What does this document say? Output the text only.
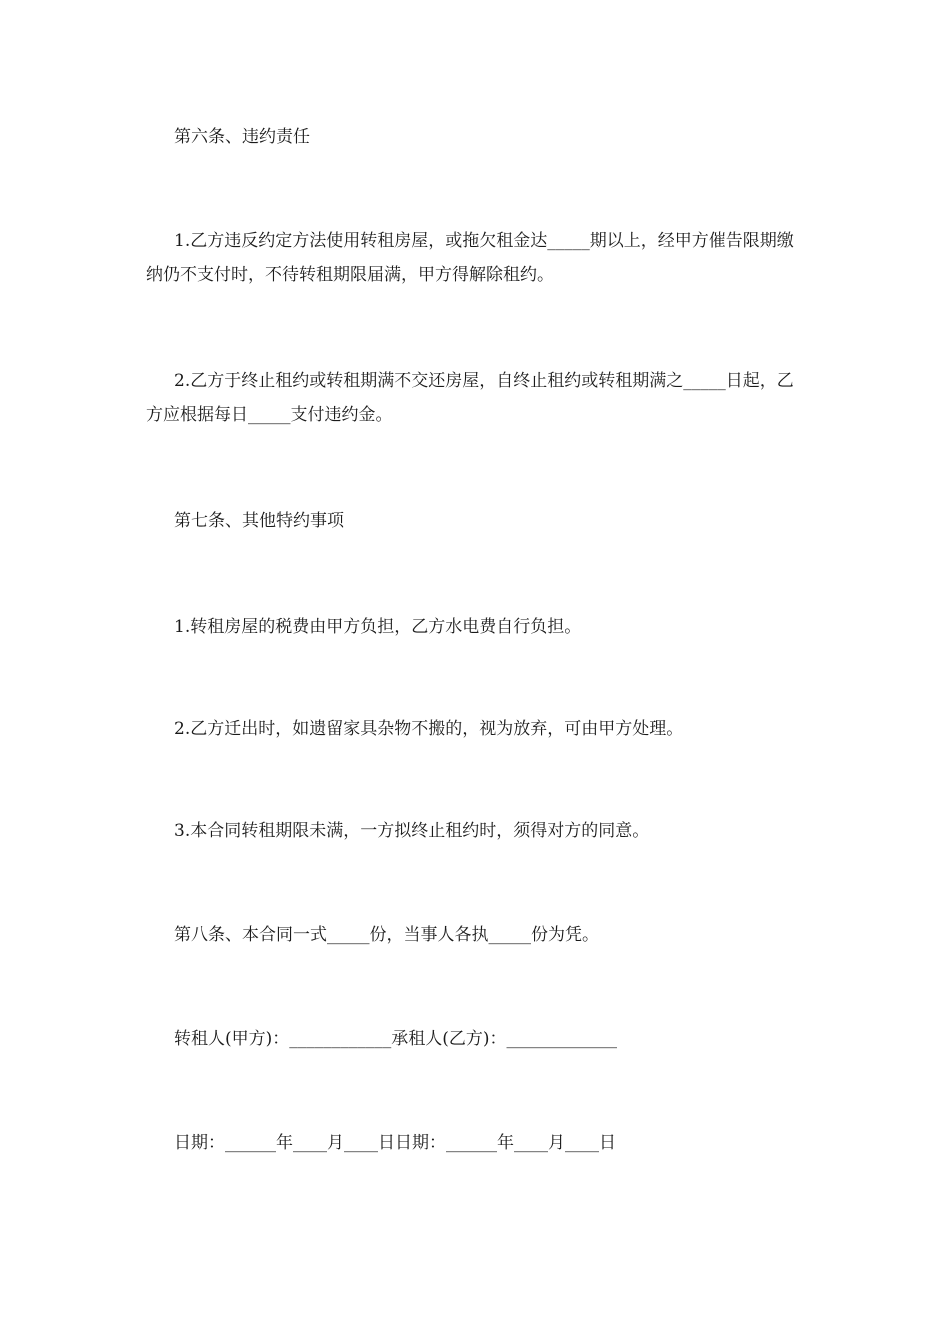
第六条、违约责任

1.乙方违反约定方法使用转租房屋，或拖欠租金达_____期以上，经甲方催告限期缴纳仍不支付时，不待转租期限届满，甲方得解除租约。

2.乙方于终止租约或转租期满不交还房屋，自终止租约或转租期满之_____日起，乙方应根据每日_____支付违约金。

第七条、其他特约事项

1.转租房屋的税费由甲方负担，乙方水电费自行负担。

2.乙方迁出时，如遗留家具杂物不搬的，视为放弃，可由甲方处理。

3.本合同转租期限未满，一方拟终止租约时，须得对方的同意。

第八条、本合同一式_____份，当事人各执_____份为凭。

转租人(甲方)：____________承租人(乙方)：_____________

日期：______年____月____日日期：______年____月____日
